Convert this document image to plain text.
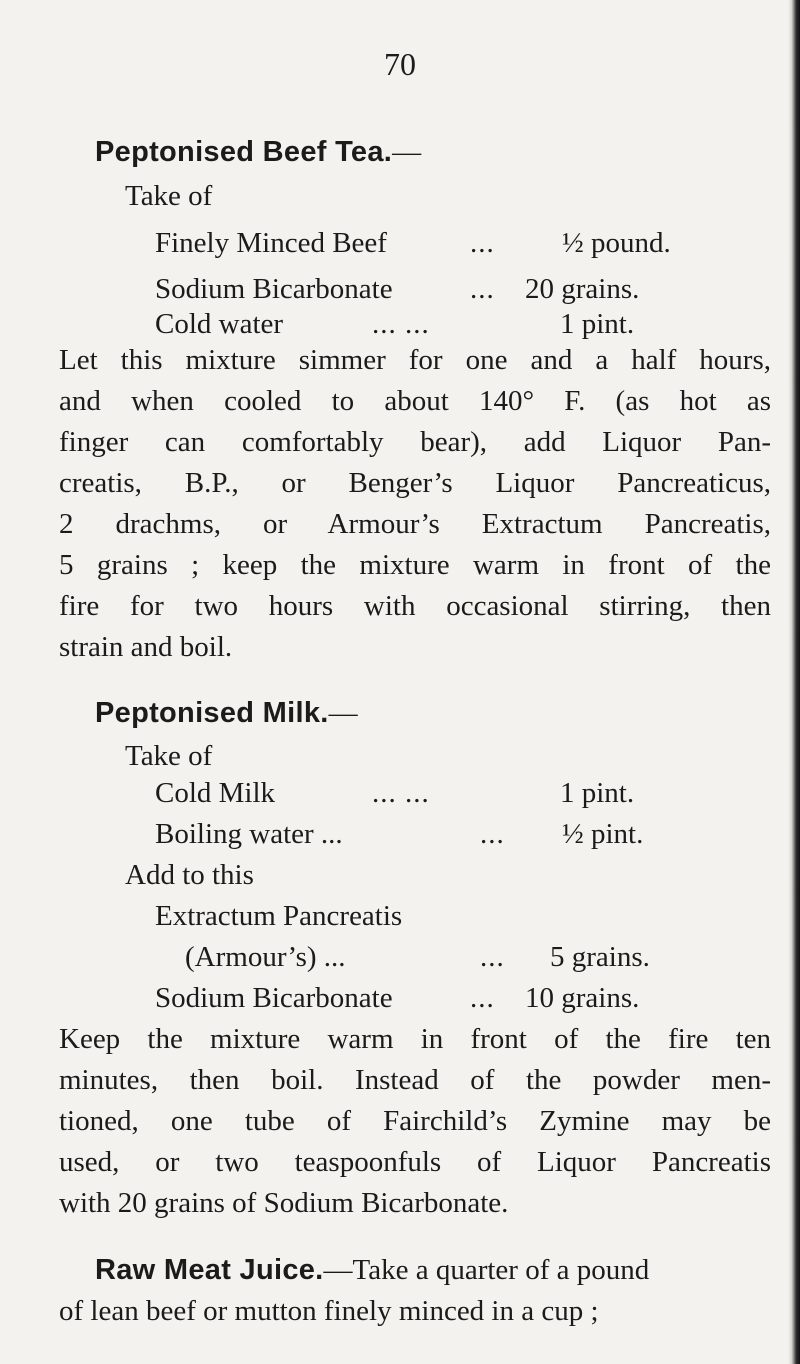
70
Peptonised Beef Tea.—
Take of
Finely Minced Beef	... ½ pound.
Sodium Bicarbonate	... 20 grains.
Cold water	... ...	1 pint.
Let this mixture simmer for one and a half hours,
and when cooled to about 140° F. (as hot as
finger can comfortably bear), add Liquor Pan-
creatis, B.P., or Benger’s Liquor Pancreaticus,
2 drachms, or Armour’s Extractum Pancreatis,
5 grains ; keep the mixture warm in front of the
fire for two hours with occasional stirring, then
strain and boil.
Peptonised Milk.—
Take of
Cold Milk	... ...	1 pint.
Boiling water ...	... ½ pint.
Add to this
Extractum Pancreatis
(Armour’s) ...	... 5 grains.
Sodium Bicarbonate	... 10 grains.
Keep the mixture warm in front of the fire ten
minutes, then boil. Instead of the powder men-
tioned, one tube of Fairchild’s Zymine may be
used, or two teaspoonfuls of Liquor Pancreatis
with 20 grains of Sodium Bicarbonate.
Raw Meat Juice.—Take a quarter of a pound
of lean beef or mutton finely minced in a cup ;
